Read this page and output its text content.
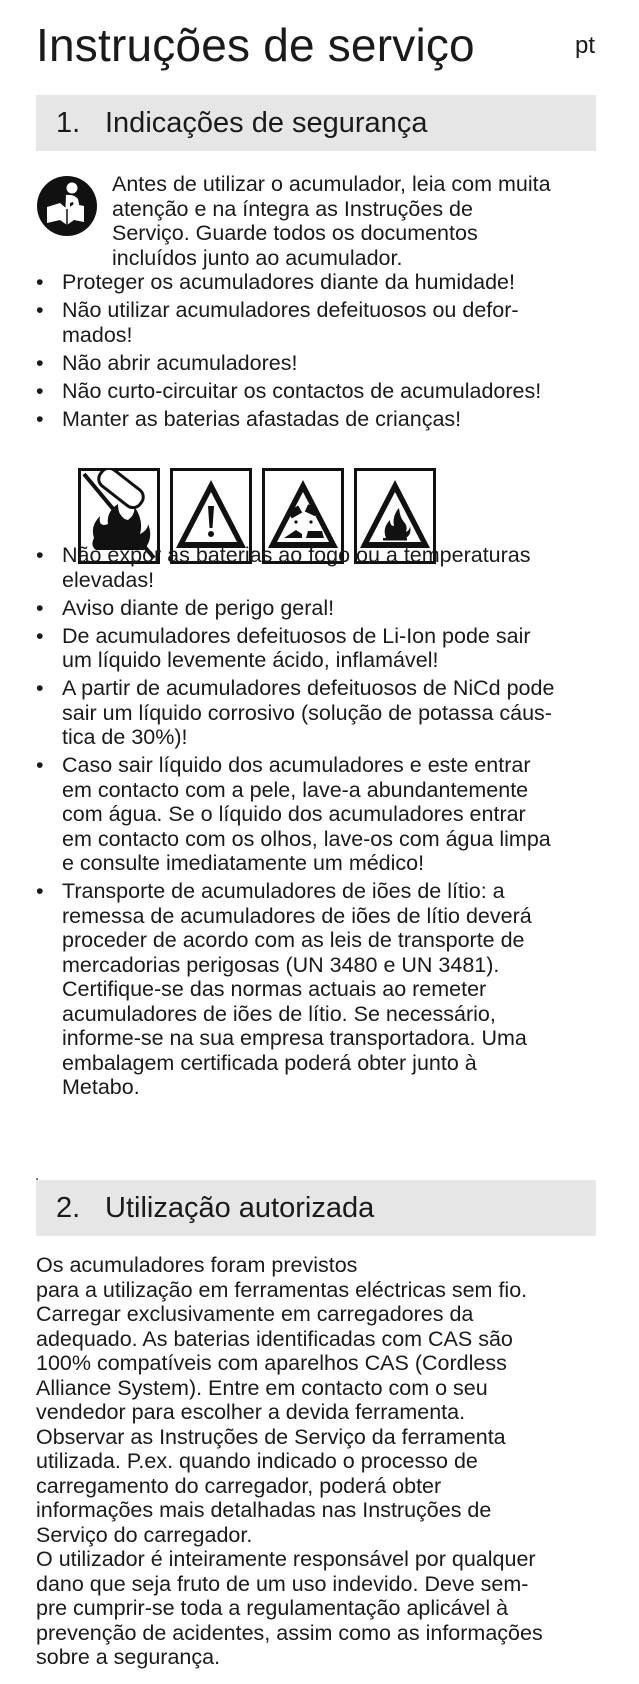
Instruções de serviço	pt
1. Indicações de segurança
Antes de utilizar o acumulador, leia com muita
atenção e na íntegra as Instruções de
Serviço. Guarde todos os documentos
incluídos junto ao acumulador.
• Proteger os acumuladores diante da humidade!
• Não utilizar acumuladores defeituosos ou defor-
mados!
• Não abrir acumuladores!
• Não curto-circuitar os contactos de acumuladores!
• Manter as baterias afastadas de crianças!
• Não expor as baterias ao fogo ou a temperaturas
elevadas!
• Aviso diante de perigo geral!
• De acumuladores defeituosos de Li-Ion pode sair
um líquido levemente ácido, inflamável!
• A partir de acumuladores defeituosos de NiCd pode
sair um líquido corrosivo (solução de potassa cáus-
tica de 30%)!
• Caso sair líquido dos acumuladores e este entrar
em contacto com a pele, lave-a abundantemente
com água. Se o líquido dos acumuladores entrar
em contacto com os olhos, lave-os com água limpa
e consulte imediatamente um médico!
• Transporte de acumuladores de iões de lítio: a
remessa de acumuladores de iões de lítio deverá
proceder de acordo com as leis de transporte de
mercadorias perigosas (UN 3480 e UN 3481).
Certifique-se das normas actuais ao remeter
acumuladores de iões de lítio. Se necessário,
informe-se na sua empresa transportadora. Uma
embalagem certificada poderá obter junto à
Metabo.
2. Utilização autorizada
Os acumuladores foram previstos
para a utilização em ferramentas eléctricas sem fio.
Carregar exclusivamente em carregadores da
adequado. As baterias identificadas com CAS são
100% compatíveis com aparelhos CAS (Cordless
Alliance System). Entre em contacto com o seu
vendedor para escolher a devida ferramenta.
Observar as Instruções de Serviço da ferramenta
utilizada. P.ex. quando indicado o processo de
carregamento do carregador, poderá obter
informações mais detalhadas nas Instruções de
Serviço do carregador.
O utilizador é inteiramente responsável por qualquer
dano que seja fruto de um uso indevido. Deve sem-
pre cumprir-se toda a regulamentação aplicável à
prevenção de acidentes, assim como as informações
sobre a segurança.
